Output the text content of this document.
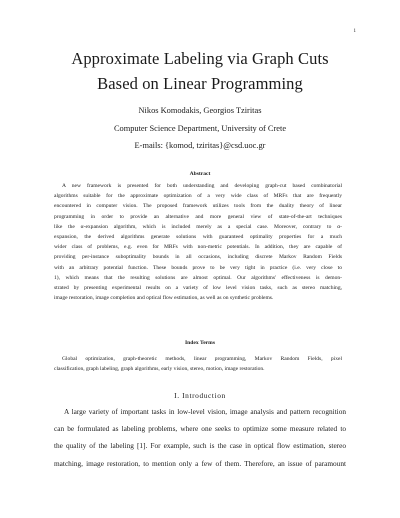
1
Approximate Labeling via Graph Cuts
Based on Linear Programming
Nikos Komodakis, Georgios Tziritas
Computer Science Department, University of Crete
E-mails: {komod, tziritas}@csd.uoc.gr
Abstract
A new framework is presented for both understanding and developing graph-cut based combinatorial
algorithms suitable for the approximate optimization of a very wide class of MRFs that are frequently
encountered in computer vision. The proposed framework utilizes tools from the duality theory of linear
programming in order to provide an alternative and more general view of state-of-the-art techniques
like the α-expansion algorithm, which is included merely as a special case. Moreover, contrary to α-
expansion, the derived algorithms generate solutions with guaranteed optimality properties for a much
wider class of problems, e.g. even for MRFs with non-metric potentials. In addition, they are capable of
providing per-instance suboptimality bounds in all occasions, including discrete Markov Random Fields
with an arbitrary potential function. These bounds prove to be very tight in practice (i.e. very close to
1), which means that the resulting solutions are almost optimal. Our algorithms' effectiveness is demon-
strated by presenting experimental results on a variety of low level vision tasks, such as stereo matching,
image restoration, image completion and optical flow estimation, as well as on synthetic problems.
Index Terms
Global optimization, graph-theoretic methods, linear programming, Markov Random Fields, pixel
classification, graph labeling, graph algorithms, early vision, stereo, motion, image restoration.
I. Introduction
A large variety of important tasks in low-level vision, image analysis and pattern recognition
can be formulated as labeling problems, where one seeks to optimize some measure related to
the quality of the labeling [1]. For example, such is the case in optical flow estimation, stereo
matching, image restoration, to mention only a few of them. Therefore, an issue of paramount
